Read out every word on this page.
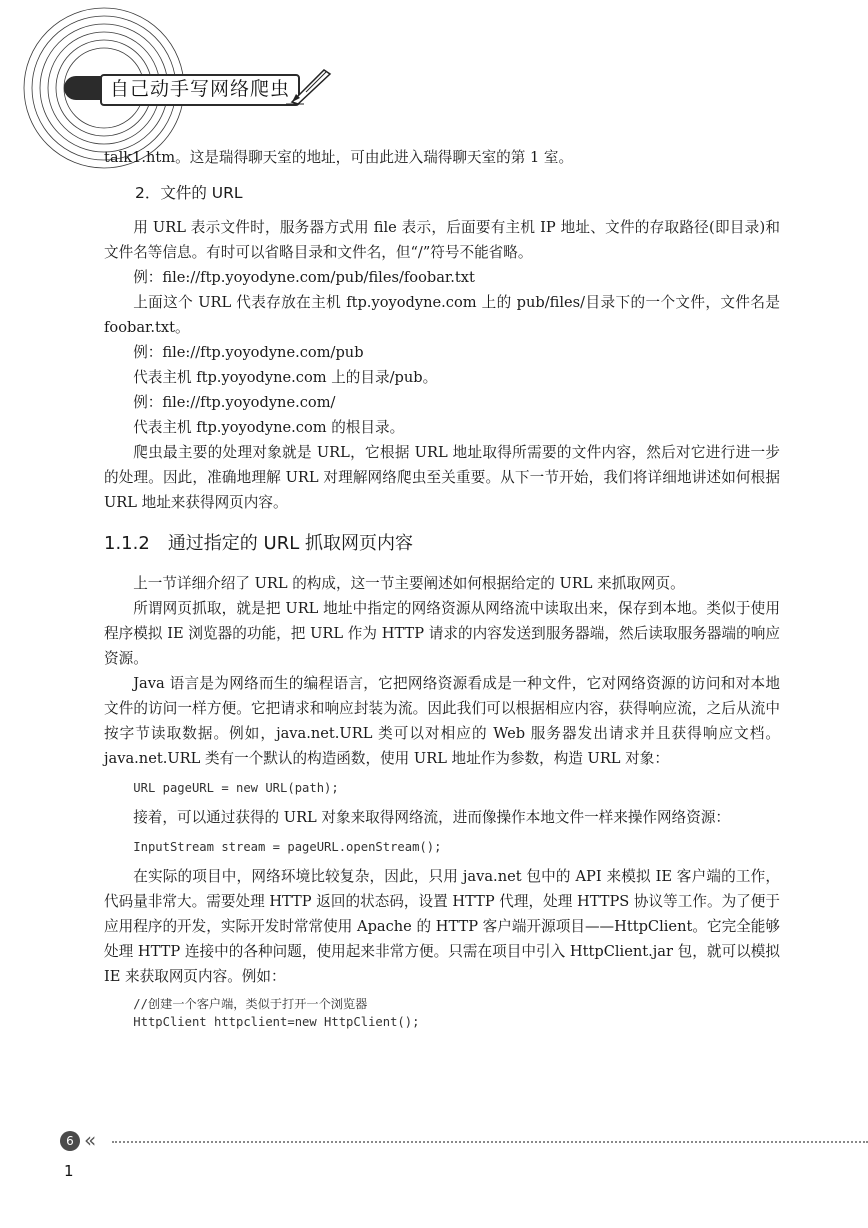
自己动手写网络爬虫

talk1.htm。这是瑞得聊天室的地址，可由此进入瑞得聊天室的第 1 室。

2．文件的 URL

用 URL 表示文件时，服务器方式用 file 表示，后面要有主机 IP 地址、文件的存取路径(即目录)和文件名等信息。有时可以省略目录和文件名，但“/”符号不能省略。

例：file://ftp.yoyodyne.com/pub/files/foobar.txt

上面这个 URL 代表存放在主机 ftp.yoyodyne.com 上的 pub/files/目录下的一个文件，文件名是 foobar.txt。

例：file://ftp.yoyodyne.com/pub

代表主机 ftp.yoyodyne.com 上的目录/pub。

例：file://ftp.yoyodyne.com/

代表主机 ftp.yoyodyne.com 的根目录。

爬虫最主要的处理对象就是 URL，它根据 URL 地址取得所需要的文件内容，然后对它进行进一步的处理。因此，准确地理解 URL 对理解网络爬虫至关重要。从下一节开始，我们将详细地讲述如何根据 URL 地址来获得网页内容。

1.1.2 通过指定的 URL 抓取网页内容

上一节详细介绍了 URL 的构成，这一节主要阐述如何根据给定的 URL 来抓取网页。

所谓网页抓取，就是把 URL 地址中指定的网络资源从网络流中读取出来，保存到本地。类似于使用程序模拟 IE 浏览器的功能，把 URL 作为 HTTP 请求的内容发送到服务器端，然后读取服务器端的响应资源。

Java 语言是为网络而生的编程语言，它把网络资源看成是一种文件，它对网络资源的访问和对本地文件的访问一样方便。它把请求和响应封装为流。因此我们可以根据相应内容，获得响应流，之后从流中按字节读取数据。例如，java.net.URL 类可以对相应的 Web 服务器发出请求并且获得响应文档。java.net.URL 类有一个默认的构造函数，使用 URL 地址作为参数，构造 URL 对象：

URL pageURL = new URL(path);

接着，可以通过获得的 URL 对象来取得网络流，进而像操作本地文件一样来操作网络资源：

InputStream stream = pageURL.openStream();

在实际的项目中，网络环境比较复杂，因此，只用 java.net 包中的 API 来模拟 IE 客户端的工作，代码量非常大。需要处理 HTTP 返回的状态码，设置 HTTP 代理，处理 HTTPS 协议等工作。为了便于应用程序的开发，实际开发时常常使用 Apache 的 HTTP 客户端开源项目——HttpClient。它完全能够处理 HTTP 连接中的各种问题，使用起来非常方便。只需在项目中引入 HttpClient.jar 包，就可以模拟 IE 来获取网页内容。例如：

//创建一个客户端，类似于打开一个浏览器
HttpClient httpclient=new HttpClient();
6 «
1
